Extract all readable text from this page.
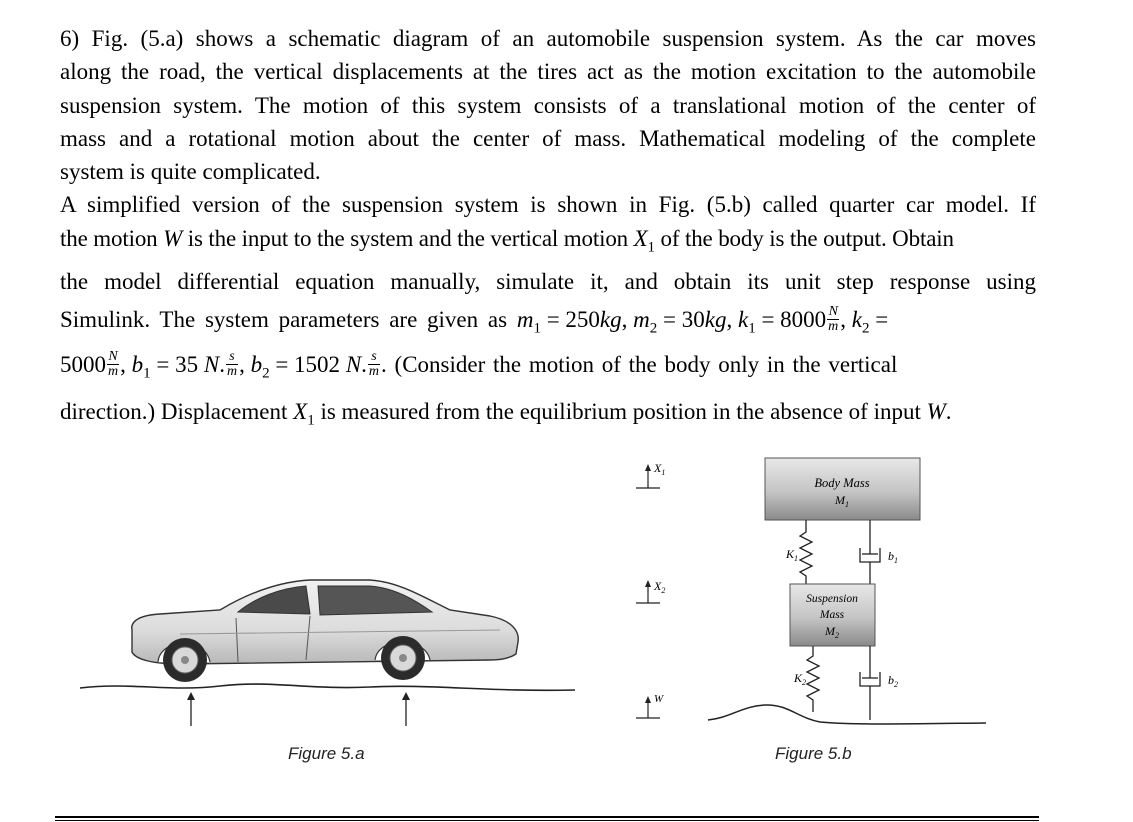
6) Fig. (5.a) shows a schematic diagram of an automobile suspension system. As the car moves
along the road, the vertical displacements at the tires act as the motion excitation to the automobile
suspension system. The motion of this system consists of a translational motion of the center of
mass and a rotational motion about the center of mass. Mathematical modeling of the complete
system is quite complicated.
A simplified version of the suspension system is shown in Fig. (5.b) called quarter car model. If
the motion W is the input to the system and the vertical motion $X_1$ of the body is the output. Obtain
the model differential equation manually, simulate it, and obtain its unit step response using
Simulink. The system parameters are given as $m_1 = 250kg$, $m_2 = 30kg$, $k_1 = 8000 \frac{N}{m}$ , $k_2$ =
$5000 \frac{N}{m}$ , $b_1 = 35$ N. $\frac{s}{m}$ , $b_2 = 1502$ N. $\frac{s}{m}$ . (Consider the motion of the body only in the vertical
direction.) Displacement $X_1$ is measured from the equilibrium position in the absence of input W.
Figure 5.a
$X_1$
$X_2$
W
Body Mass
$M_1$
$K_1$	$b_1$
Suspension
Mass
$M_2$
$K_2$	$b_2$
Figure 5.b
